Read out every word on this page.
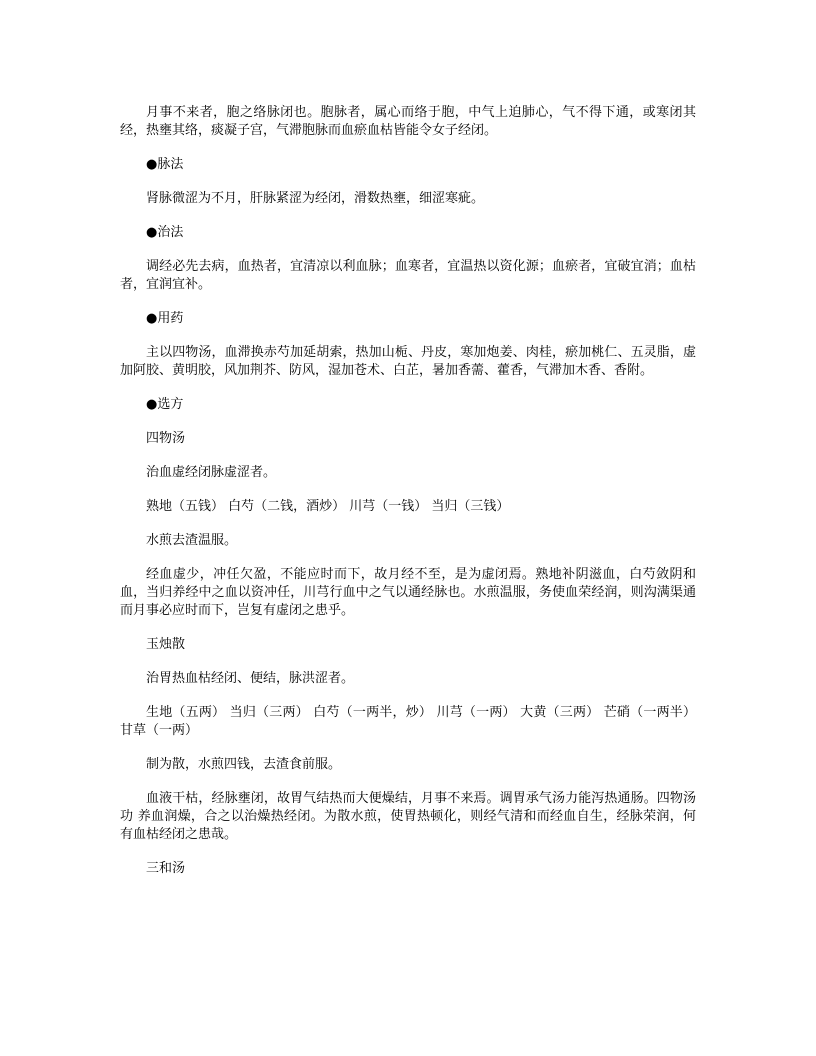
月事不来者，胞之络脉闭也。胞脉者，属心而络于胞，中气上迫肺心，气不得下通，或寒闭其经，热壅其络，痰凝子宫，气滞胞脉而血瘀血枯皆能令女子经闭。

●脉法

肾脉微涩为不月，肝脉紧涩为经闭，滑数热壅，细涩寒疵。

●治法

调经必先去病，血热者，宜清凉以利血脉；血寒者，宜温热以资化源；血瘀者，宜破宜消；血枯者，宜润宜补。

●用药

主以四物汤，血滞换赤芍加延胡索，热加山栀、丹皮，寒加炮姜、肉桂，瘀加桃仁、五灵脂，虚加阿胶、黄明胶，风加荆芥、防风，湿加苍术、白芷，暑加香薷、藿香，气滞加木香、香附。

●选方

四物汤

治血虚经闭脉虚涩者。

熟地（五钱） 白芍（二钱，酒炒） 川芎（一钱） 当归（三钱）

水煎去渣温服。

经血虚少，冲任欠盈，不能应时而下，故月经不至，是为虚闭焉。熟地补阴滋血，白芍敛阴和血，当归养经中之血以资冲任，川芎行血中之气以通经脉也。水煎温服，务使血荣经润，则沟满渠通而月事必应时而下，岂复有虚闭之患乎。

玉烛散

治胃热血枯经闭、便结，脉洪涩者。

生地（五两） 当归（三两） 白芍（一两半，炒） 川芎（一两） 大黄（三两） 芒硝（一两半）甘草（一两）

制为散，水煎四钱，去渣食前服。

血液干枯，经脉壅闭，故胃气结热而大便燥结，月事不来焉。调胃承气汤力能泻热通肠。四物汤功 养血润燥，合之以治燥热经闭。为散水煎，使胃热顿化，则经气清和而经血自生，经脉荣润，何有血枯经闭之患哉。

三和汤
